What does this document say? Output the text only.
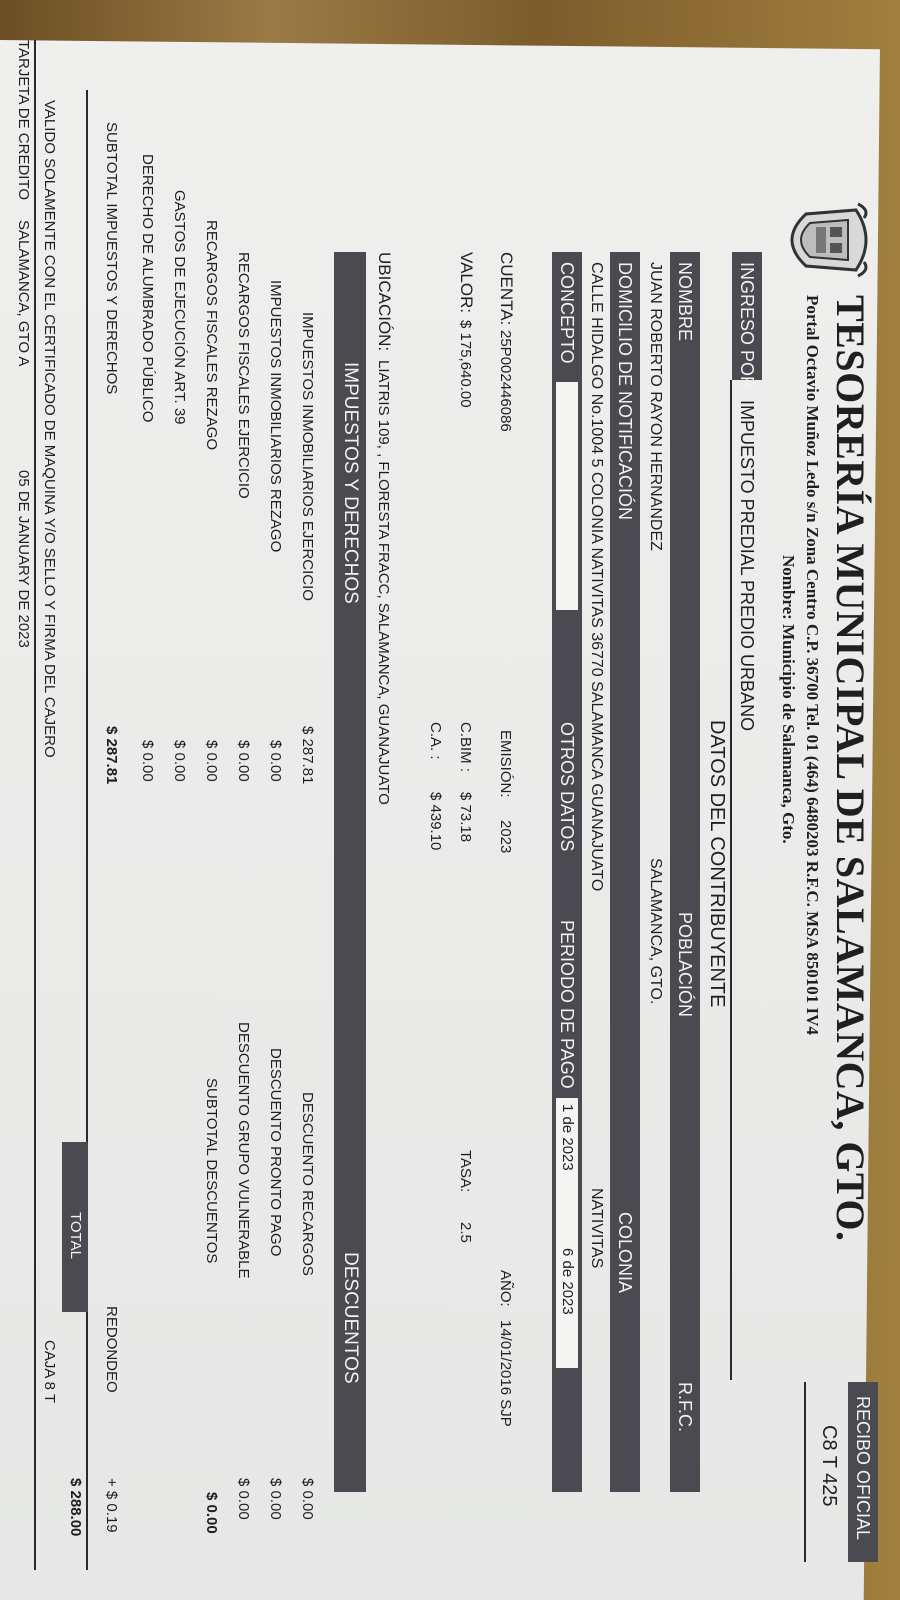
TESORERÍA MUNICIPAL DE SALAMANCA, GTO.
Portal Octavio Muñoz Ledo s/n Zona Centro C.P. 36700 Tel. 01 (464) 6480203 R.F.C. MSA 850101 IV4
Nombre: Municipio de Salamanca, Gto.
RECIBO OFICIAL
C8 T 425
INGRESO POR
IMPUESTO PREDIAL PREDIO URBANO
DATOS DEL CONTRIBUYENTE
NOMBRE
POBLACIÓN
R.F.C.
JUAN ROBERTO RAYON HERNANDEZ
SALAMANCA, GTO.
DOMICILIO DE NOTIFICACIÓN
COLONIA
CALLE HIDALGO No.1004 5 COLONIA NATIVITAS 36770 SALAMANCA GUANAJUATO
NATIVITAS
CONCEPTO
OTROS DATOS
PERIODO DE PAGO
1 de 2023
6 de 2023
CUENTA:
25P002446086
EMISIÓN:
2023
AÑO:
14/01/2016 SJP
VALOR:
$ 175,640.00
C.BIM :
$ 73.18
TASA:
2.5
C.A. :
$ 439.10
UBICACIÓN:
LIATRIS 109, , FLORESTA FRACC, SALAMANCA, GUANAJUATO
IMPUESTOS Y DERECHOS
DESCUENTOS
IMPUESTOS INMOBILIARIOS EJERCICIO
$ 287.81
IMPUESTOS INMOBILIARIOS REZAGO
$ 0.00
RECARGOS FISCALES EJERCICIO
$ 0.00
RECARGOS FISCALES REZAGO
$ 0.00
GASTOS DE EJECUCIÓN ART. 39
$ 0.00
DERECHO DE ALUMBRADO PÚBLICO
$ 0.00
SUBTOTAL IMPUESTOS Y DERECHOS
$ 287.81
DESCUENTO RECARGOS
$ 0.00
DESCUENTO PRONTO PAGO
$ 0.00
DESCUENTO GRUPO VULNERABLE
$ 0.00
SUBTOTAL DESCUENTOS
$ 0.00
REDONDEO
+ $ 0.19
TOTAL
$ 288.00
VALIDO SOLAMENTE CON EL CERTIFICADO DE MAQUINA Y/O SELLO Y FIRMA DEL CAJERO
CAJA 8 T
TARJETA DE CREDITO
SALAMANCA, GTO A
05 DE JANUARY DE 2023
